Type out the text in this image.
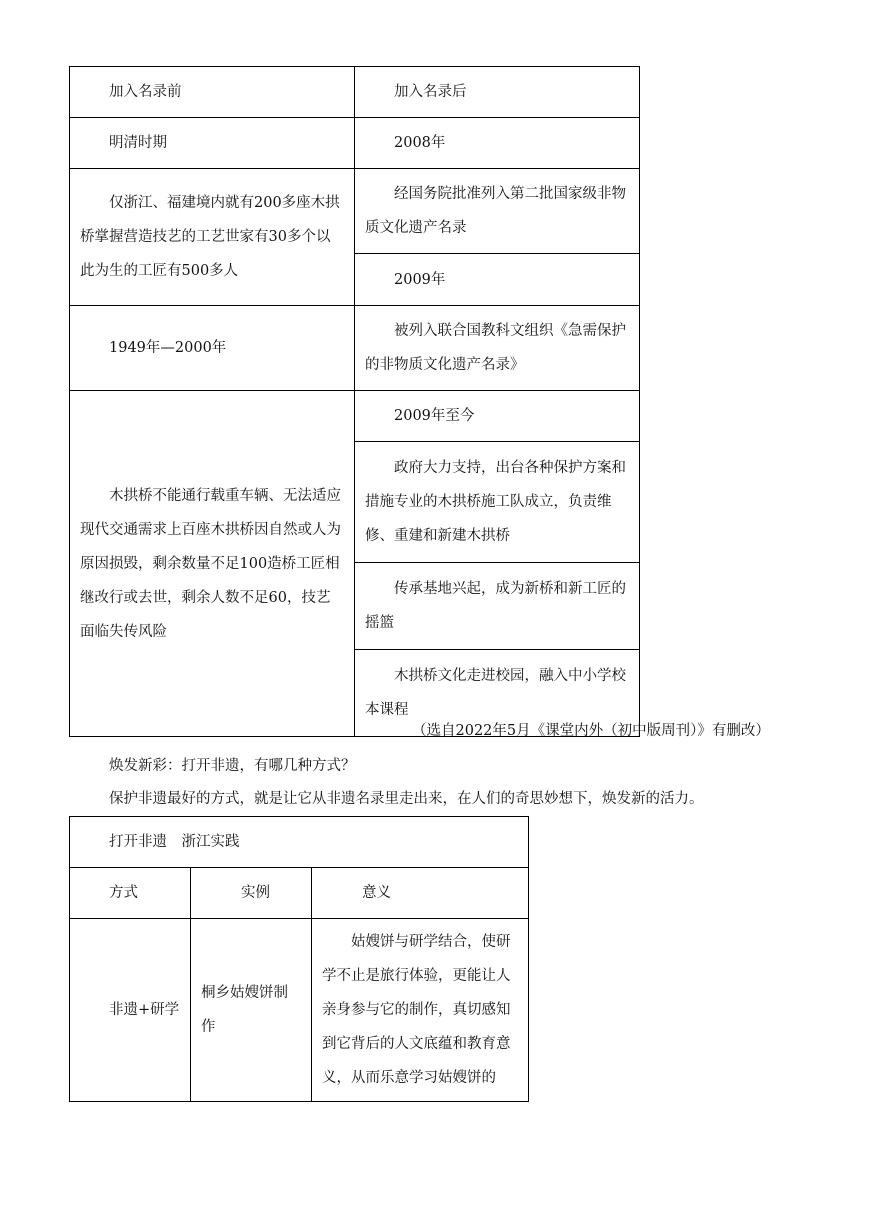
加入名录前	加入名录后
明清时期	2008年
仅浙江、福建境内就有200多座木拱桥掌握营造技艺的工艺世家有30多个以此为生的工匠有500多人	经国务院批准列入第二批国家级非物质文化遗产名录
	2009年
1949年—2000年	被列入联合国教科文组织《急需保护的非物质文化遗产名录》
木拱桥不能通行载重车辆、无法适应现代交通需求上百座木拱桥因自然或人为原因损毁，剩余数量不足100造桥工匠相继改行或去世，剩余人数不足60，技艺面临失传风险	2009年至今
	政府大力支持，出台各种保护方案和措施专业的木拱桥施工队成立，负责维修、重建和新建木拱桥
	传承基地兴起，成为新桥和新工匠的摇篮
	木拱桥文化走进校园，融入中小学校本课程
（选自2022年5月《课堂内外（初中版周刊）》有删改）
焕发新彩：打开非遗，有哪几种方式？
保护非遗最好的方式，就是让它从非遗名录里走出来，在人们的奇思妙想下，焕发新的活力。
打开非遗　浙江实践		
方式	实例	意义
非遗+研学	桐乡姑嫂饼制作	姑嫂饼与研学结合，使研学不止是旅行体验，更能让人亲身参与它的制作，真切感知到它背后的人文底蕴和教育意义，从而乐意学习姑嫂饼的
